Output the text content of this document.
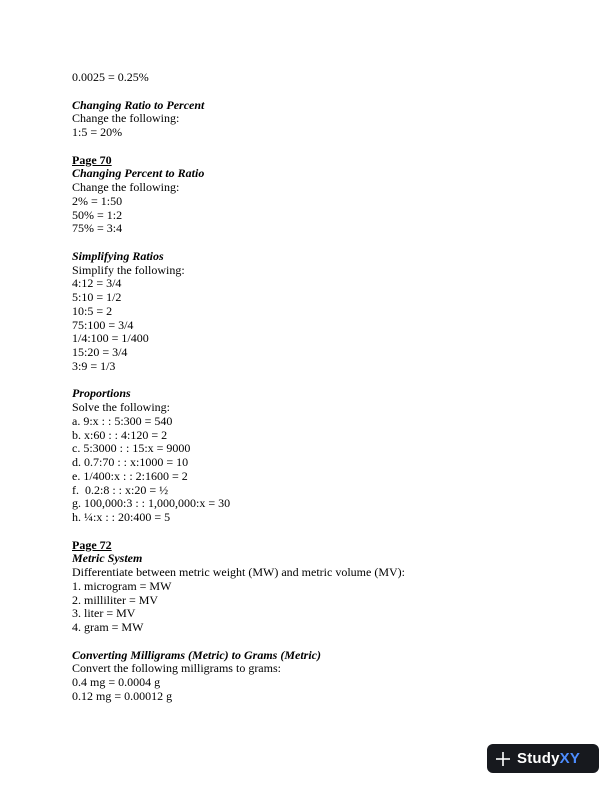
0.0025 = 0.25%
Changing Ratio to Percent
Change the following:
1:5 = 20%
Page 70
Changing Percent to Ratio
Change the following:
2% = 1:50
50% = 1:2
75% = 3:4
Simplifying Ratios
Simplify the following:
4:12 = 3/4
5:10 = 1/2
10:5 = 2
75:100 = 3/4
1/4:100 = 1/400
15:20 = 3/4
3:9 = 1/3
Proportions
Solve the following:
a. 9:x : : 5:300 = 540
b. x:60 : : 4:120 = 2
c. 5:3000 : : 15:x = 9000
d. 0.7:70 : : x:1000 = 10
e. 1/400:x : : 2:1600 = 2
f.  0.2:8 : : x:20 = ½
g. 100,000:3 : : 1,000,000:x = 30
h. ¼:x : : 20:400 = 5
Page 72
Metric System
Differentiate between metric weight (MW) and metric volume (MV):
1. microgram = MW
2. milliliter = MV
3. liter = MV
4. gram = MW
Converting Milligrams (Metric) to Grams (Metric)
Convert the following milligrams to grams:
0.4 mg = 0.0004 g
0.12 mg = 0.00012 g
StudyXY
